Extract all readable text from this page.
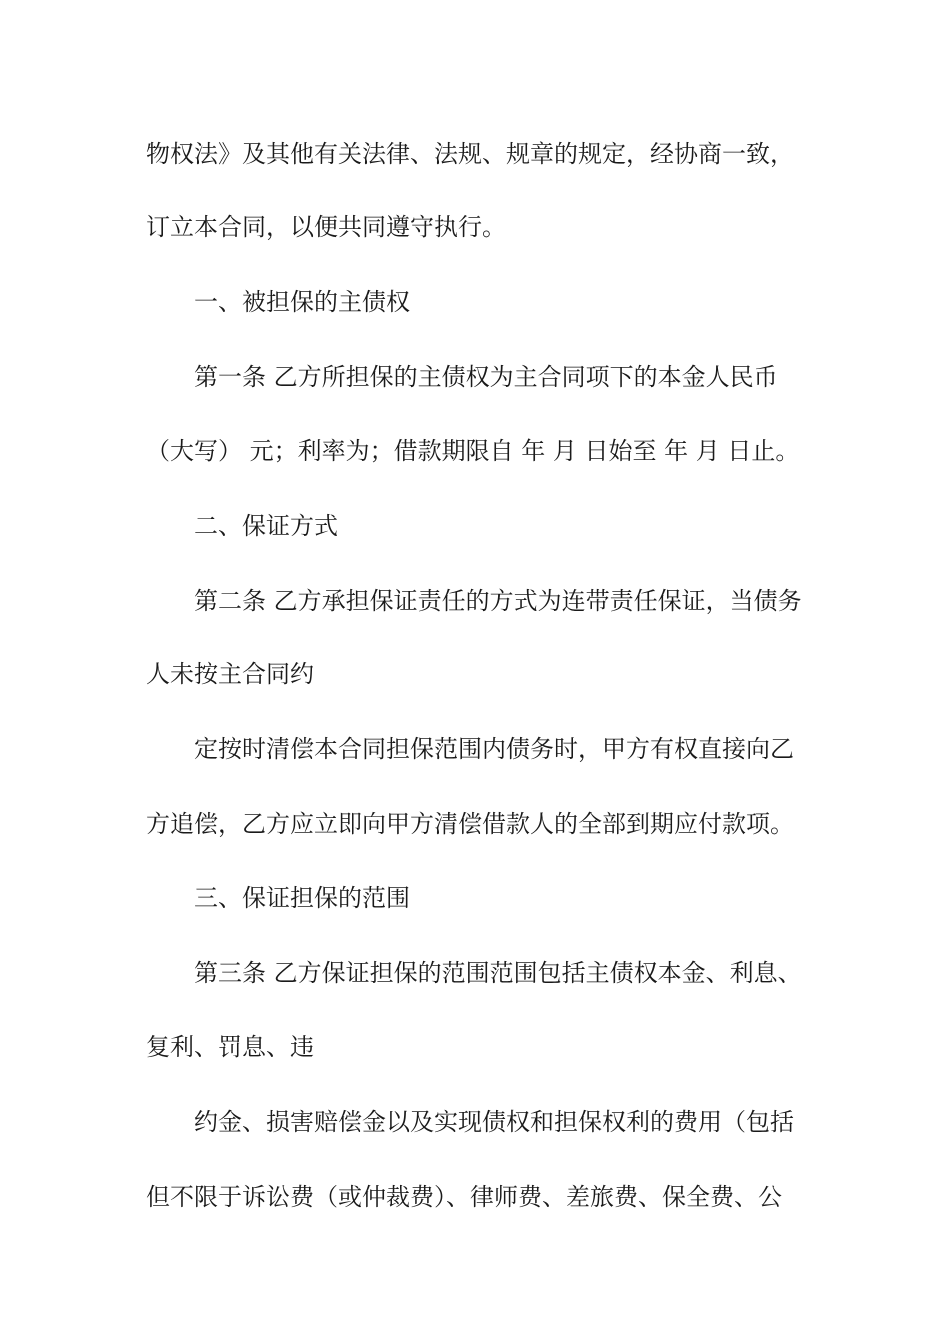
物权法》及其他有关法律、法规、规章的规定，经协商一致，
订立本合同，以便共同遵守执行。
一、被担保的主债权
第一条 乙方所担保的主债权为主合同项下的本金人民币
（大写） 元；利率为；借款期限自 年 月 日始至 年 月 日止。
二、保证方式
第二条 乙方承担保证责任的方式为连带责任保证，当债务
人未按主合同约
定按时清偿本合同担保范围内债务时，甲方有权直接向乙
方追偿，乙方应立即向甲方清偿借款人的全部到期应付款项。
三、保证担保的范围
第三条 乙方保证担保的范围范围包括主债权本金、利息、
复利、罚息、违
约金、损害赔偿金以及实现债权和担保权利的费用（包括
但不限于诉讼费（或仲裁费）、律师费、差旅费、保全费、公
